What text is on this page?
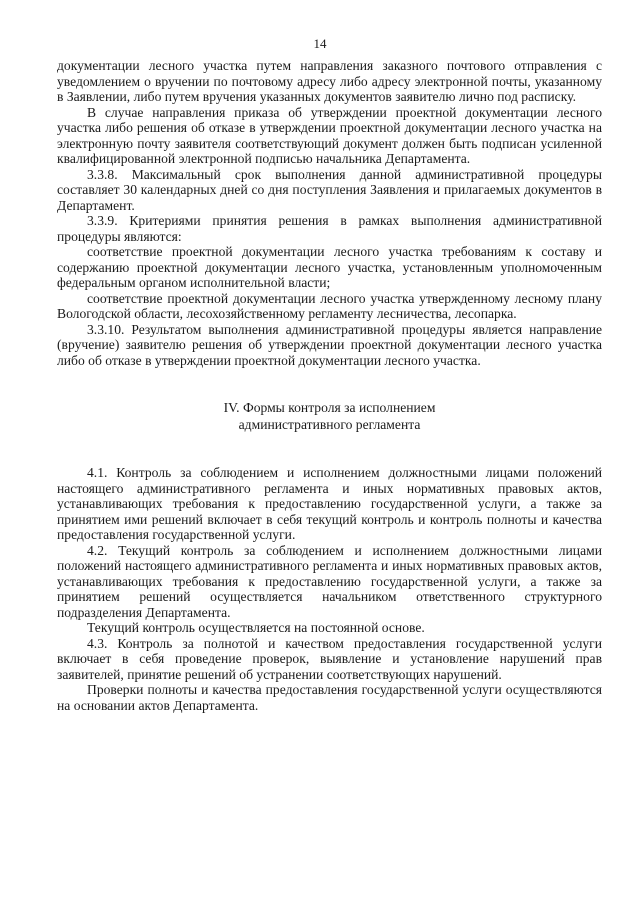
14

документации лесного участка путем направления заказного почтового отправления с уведомлением о вручении по почтовому адресу либо адресу электронной почты, указанному в Заявлении, либо путем вручения указанных документов заявителю лично под расписку.

В случае направления приказа об утверждении проектной документации лесного участка либо решения об отказе в утверждении проектной документации лесного участка на электронную почту заявителя соответствующий документ должен быть подписан усиленной квалифицированной электронной подписью начальника Департамента.

3.3.8. Максимальный срок выполнения данной административной процедуры составляет 30 календарных дней со дня поступления Заявления и прилагаемых документов в Департамент.

3.3.9. Критериями принятия решения в рамках выполнения административной процедуры являются:

соответствие проектной документации лесного участка требованиям к составу и содержанию проектной документации лесного участка, установленным уполномоченным федеральным органом исполнительной власти;

соответствие проектной документации лесного участка утвержденному лесному плану Вологодской области, лесохозяйственному регламенту лесничества, лесопарка.

3.3.10. Результатом выполнения административной процедуры является направление (вручение) заявителю решения об утверждении проектной документации лесного участка либо об отказе в утверждении проектной документации лесного участка.

IV. Формы контроля за исполнением
административного регламента

4.1. Контроль за соблюдением и исполнением должностными лицами положений настоящего административного регламента и иных нормативных правовых актов, устанавливающих требования к предоставлению государственной услуги, а также за принятием ими решений включает в себя текущий контроль и контроль полноты и качества предоставления государственной услуги.

4.2. Текущий контроль за соблюдением и исполнением должностными лицами положений настоящего административного регламента и иных нормативных правовых актов, устанавливающих требования к предоставлению государственной услуги, а также за принятием решений осуществляется начальником ответственного структурного подразделения Департамента.

Текущий контроль осуществляется на постоянной основе.

4.3. Контроль за полнотой и качеством предоставления государственной услуги включает в себя проведение проверок, выявление и установление нарушений прав заявителей, принятие решений об устранении соответствующих нарушений.

Проверки полноты и качества предоставления государственной услуги осуществляются на основании актов Департамента.
